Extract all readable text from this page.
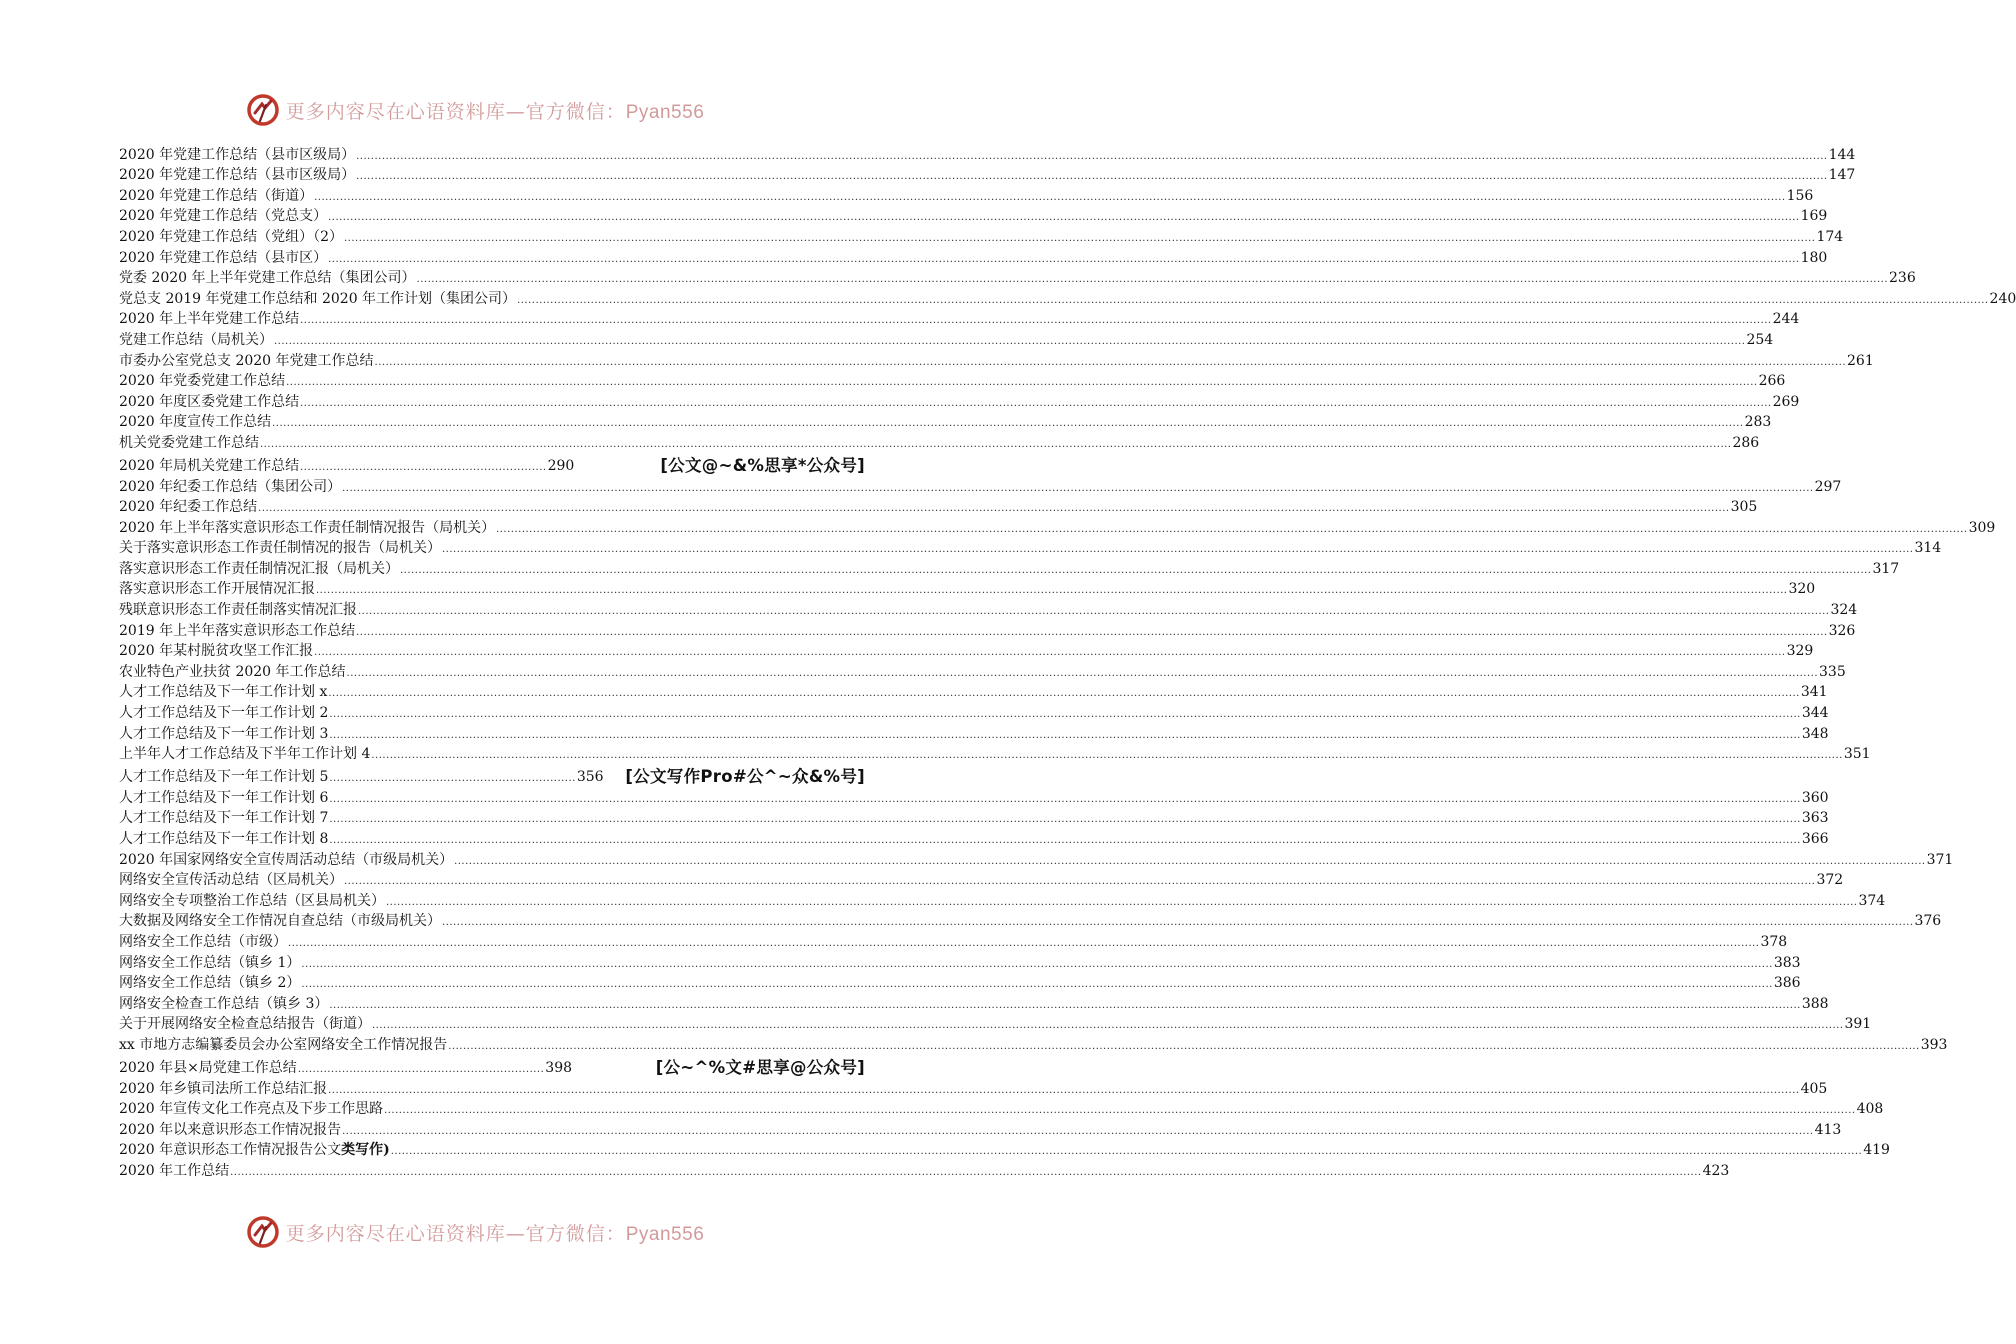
更多内容尽在心语资料库—官方微信：Pyan556
2020 年党建工作总结（县市区级局） ................................................................................................................................................................................................................................................................................................................................................................................................................ 144
2020 年党建工作总结（县市区级局） ................................................................................................................................................................................................................................................................................................................................................................................................................ 147
2020 年党建工作总结（街道） ................................................................................................................................................................................................................................................................................................................................................................................................................ 156
2020 年党建工作总结（党总支） ................................................................................................................................................................................................................................................................................................................................................................................................................ 169
2020 年党建工作总结（党组）（2） ................................................................................................................................................................................................................................................................................................................................................................................................................ 174
2020 年党建工作总结（县市区） ................................................................................................................................................................................................................................................................................................................................................................................................................ 180
党委 2020 年上半年党建工作总结（集团公司） ................................................................................................................................................................................................................................................................................................................................................................................................................ 236
党总支 2019 年党建工作总结和 2020 年工作计划（集团公司） ................................................................................................................................................................................................................................................................................................................................................................................................................ 240
2020 年上半年党建工作总结 ................................................................................................................................................................................................................................................................................................................................................................................................................ 244
党建工作总结（局机关） ................................................................................................................................................................................................................................................................................................................................................................................................................ 254
市委办公室党总支 2020 年党建工作总结 ................................................................................................................................................................................................................................................................................................................................................................................................................ 261
2020 年党委党建工作总结 ................................................................................................................................................................................................................................................................................................................................................................................................................ 266
2020 年度区委党建工作总结 ................................................................................................................................................................................................................................................................................................................................................................................................................ 269
2020 年度宣传工作总结 ................................................................................................................................................................................................................................................................................................................................................................................................................ 283
机关党委党建工作总结 ................................................................................................................................................................................................................................................................................................................................................................................................................ 286
2020 年局机关党建工作总结 ................................................................... 290	[公文@~&%思享*公众号]
2020 年纪委工作总结（集团公司） ................................................................................................................................................................................................................................................................................................................................................................................................................ 297
2020 年纪委工作总结 ................................................................................................................................................................................................................................................................................................................................................................................................................ 305
2020 年上半年落实意识形态工作责任制情况报告（局机关） ................................................................................................................................................................................................................................................................................................................................................................................................................ 309
关于落实意识形态工作责任制情况的报告（局机关） ................................................................................................................................................................................................................................................................................................................................................................................................................ 314
落实意识形态工作责任制情况汇报（局机关） ................................................................................................................................................................................................................................................................................................................................................................................................................ 317
落实意识形态工作开展情况汇报 ................................................................................................................................................................................................................................................................................................................................................................................................................ 320
残联意识形态工作责任制落实情况汇报 ................................................................................................................................................................................................................................................................................................................................................................................................................ 324
2019 年上半年落实意识形态工作总结 ................................................................................................................................................................................................................................................................................................................................................................................................................ 326
2020 年某村脱贫攻坚工作汇报 ................................................................................................................................................................................................................................................................................................................................................................................................................ 329
农业特色产业扶贫 2020 年工作总结 ................................................................................................................................................................................................................................................................................................................................................................................................................ 335
人才工作总结及下一年工作计划 x ................................................................................................................................................................................................................................................................................................................................................................................................................ 341
人才工作总结及下一年工作计划 2 ................................................................................................................................................................................................................................................................................................................................................................................................................ 344
人才工作总结及下一年工作计划 3 ................................................................................................................................................................................................................................................................................................................................................................................................................ 348
上半年人才工作总结及下半年工作计划 4 ................................................................................................................................................................................................................................................................................................................................................................................................................ 351
人才工作总结及下一年工作计划 5 ................................................................... 356 [公文写作Pro#公^~众&%号]
人才工作总结及下一年工作计划 6 ................................................................................................................................................................................................................................................................................................................................................................................................................ 360
人才工作总结及下一年工作计划 7 ................................................................................................................................................................................................................................................................................................................................................................................................................ 363
人才工作总结及下一年工作计划 8 ................................................................................................................................................................................................................................................................................................................................................................................................................ 366
2020 年国家网络安全宣传周活动总结（市级局机关） ................................................................................................................................................................................................................................................................................................................................................................................................................ 371
网络安全宣传活动总结（区局机关） ................................................................................................................................................................................................................................................................................................................................................................................................................ 372
网络安全专项整治工作总结（区县局机关） ................................................................................................................................................................................................................................................................................................................................................................................................................ 374
大数据及网络安全工作情况自查总结（市级局机关） ................................................................................................................................................................................................................................................................................................................................................................................................................ 376
网络安全工作总结（市级） ................................................................................................................................................................................................................................................................................................................................................................................................................ 378
网络安全工作总结（镇乡 1） ................................................................................................................................................................................................................................................................................................................................................................................................................ 383
网络安全工作总结（镇乡 2） ................................................................................................................................................................................................................................................................................................................................................................................................................ 386
网络安全检查工作总结（镇乡 3） ................................................................................................................................................................................................................................................................................................................................................................................................................ 388
关于开展网络安全检查总结报告（街道） ................................................................................................................................................................................................................................................................................................................................................................................................................ 391
xx 市地方志编纂委员会办公室网络安全工作情况报告 ................................................................................................................................................................................................................................................................................................................................................................................................................ 393
2020 年县×局党建工作总结 ................................................................... 398	[公~^%文#思享@公众号]
2020 年乡镇司法所工作总结汇报 ................................................................................................................................................................................................................................................................................................................................................................................................................ 405
2020 年宣传文化工作亮点及下步工作思路 ................................................................................................................................................................................................................................................................................................................................................................................................................ 408
2020 年以来意识形态工作情况报告 ................................................................................................................................................................................................................................................................................................................................................................................................................ 413
2020 年意识形态工作情况报告公文 类写作) ................................................................................................................................................................................................................................................................................................................................................................................................................ 419
2020 年工作总结 ................................................................................................................................................................................................................................................................................................................................................................................................................ 423
更多内容尽在心语资料库—官方微信：Pyan556
